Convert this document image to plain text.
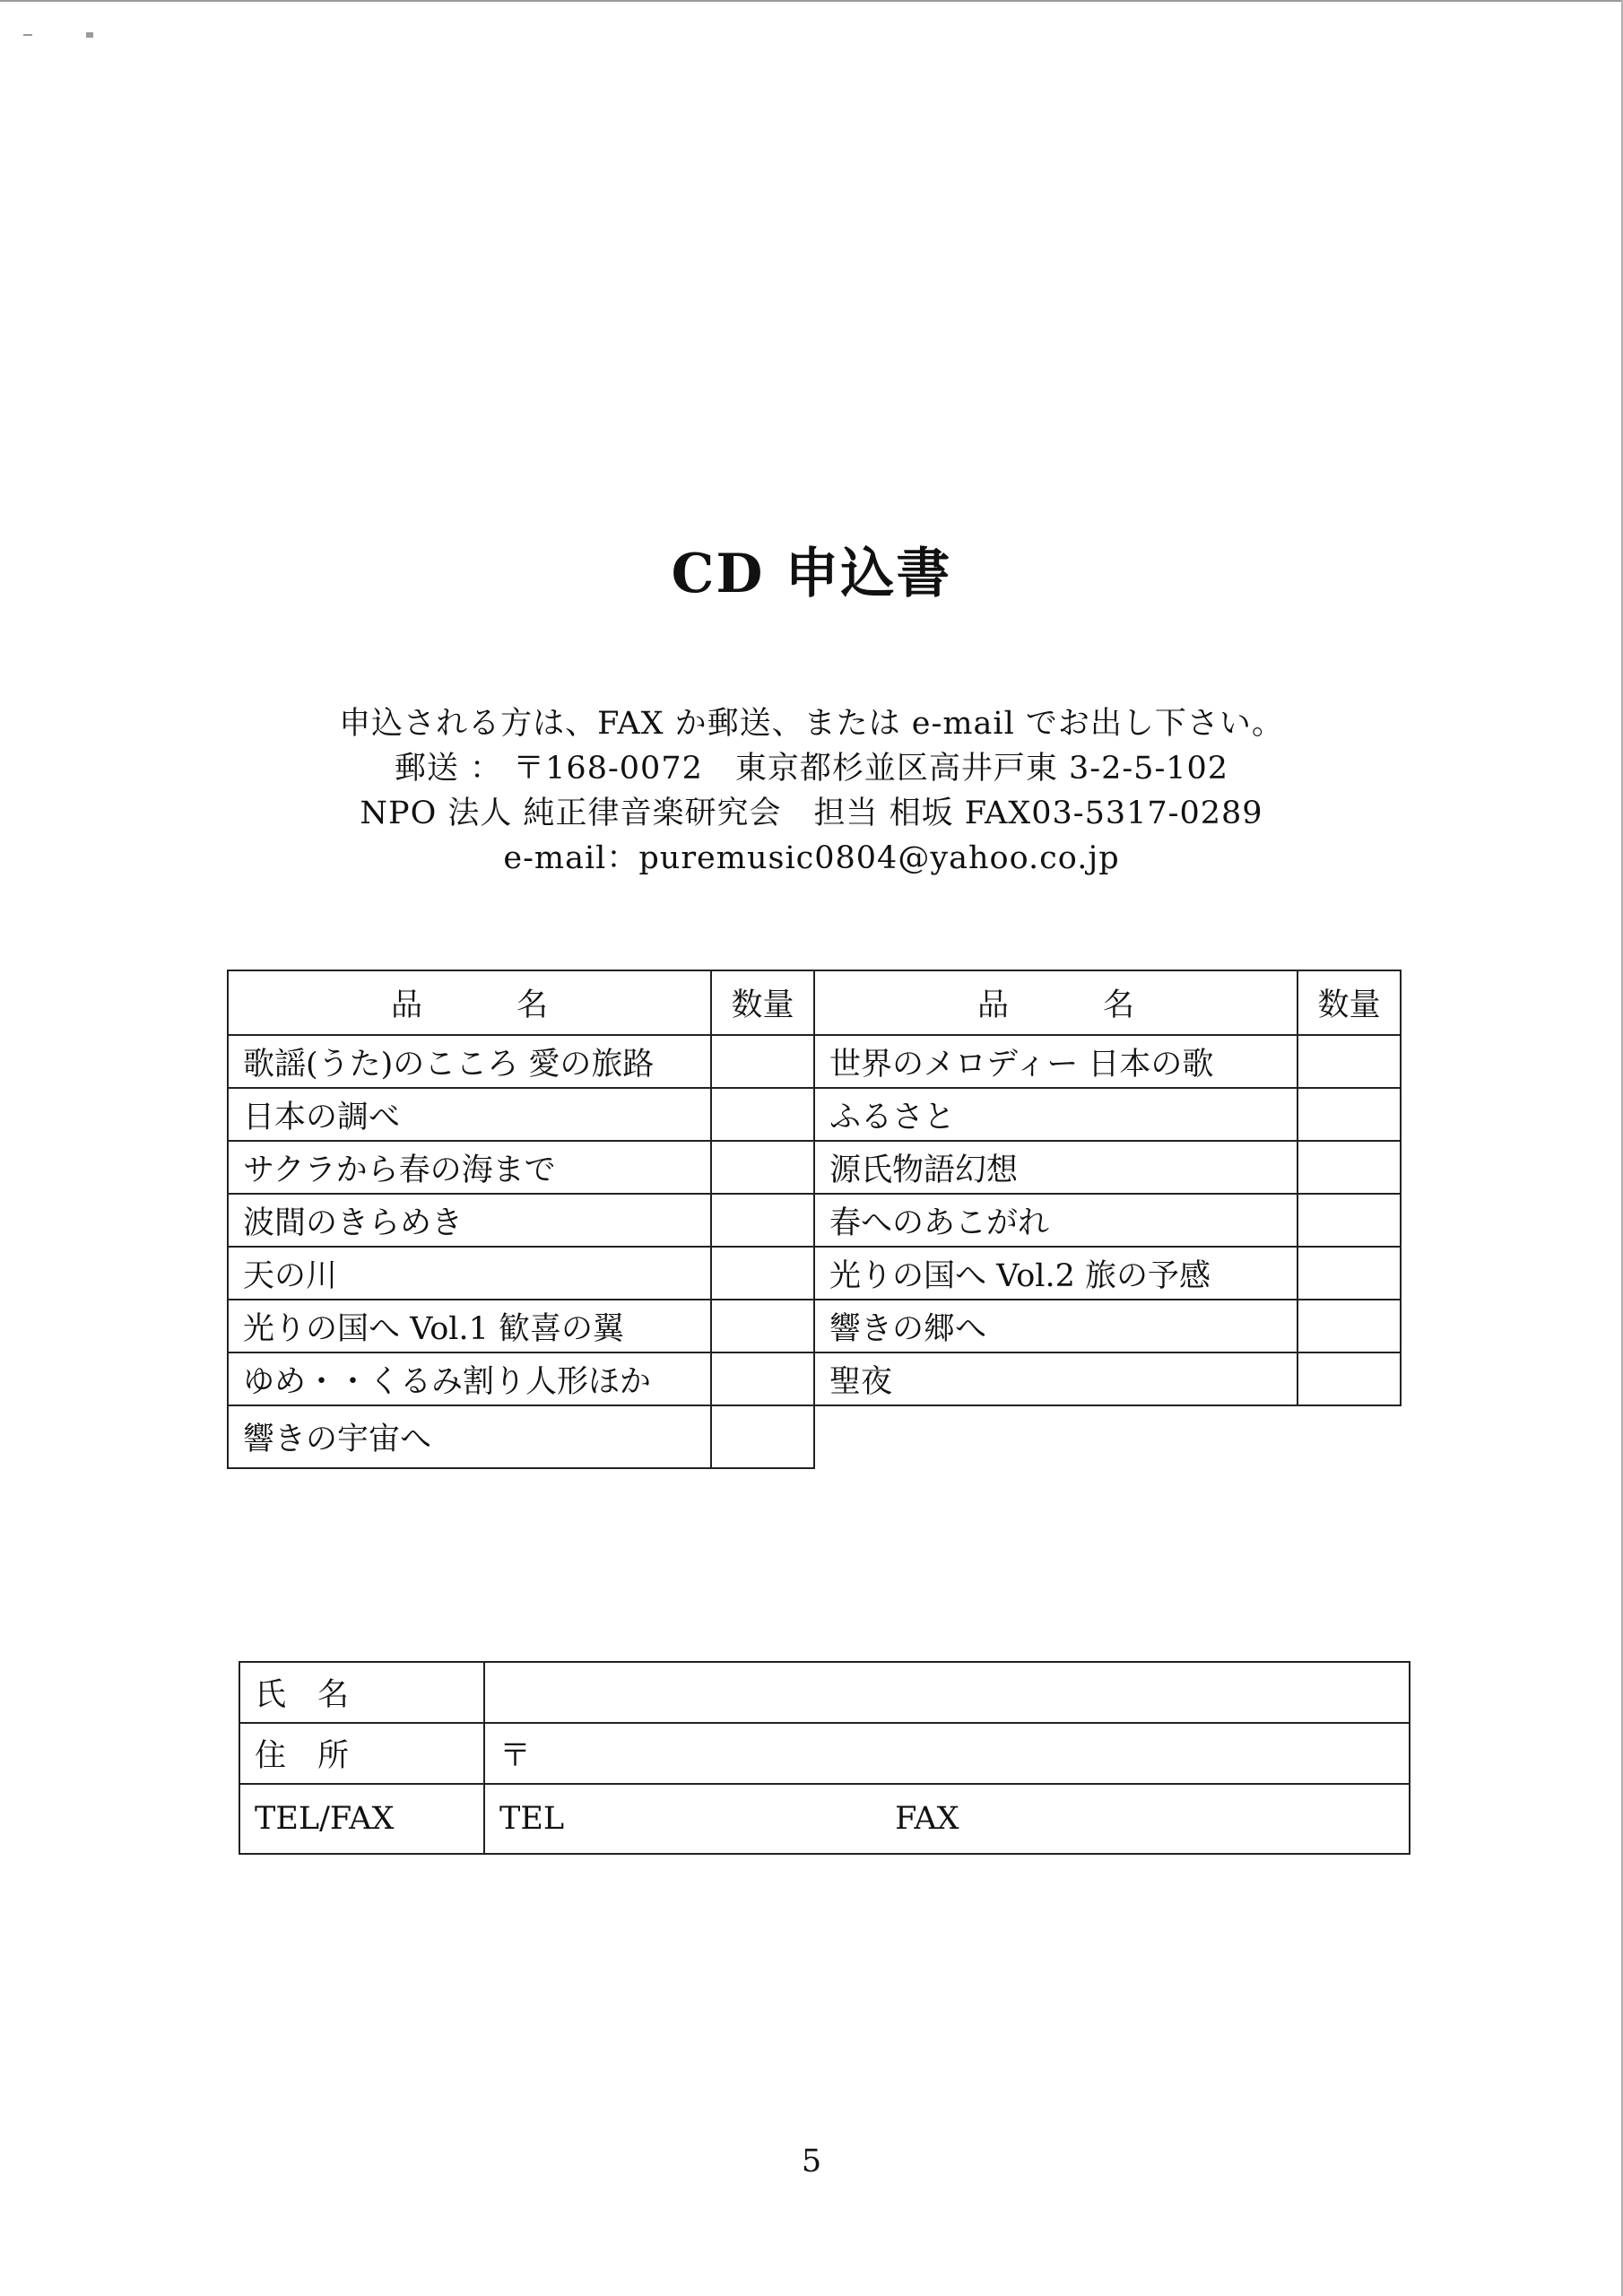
CD 申込書
申込される方は、FAX か郵送、または e-mail でお出し下さい。
郵送 ： 〒168-0072　東京都杉並区高井戸東 3-2-5-102
NPO 法人 純正律音楽研究会　担当 相坂 FAX03-5317-0289
e-mail：puremusic0804@yahoo.co.jp
品　　　名	数量	品　　　名	数量
歌謡(うた)のこころ 愛の旅路		世界のメロディー 日本の歌	
日本の調べ		ふるさと	
サクラから春の海まで		源氏物語幻想	
波間のきらめき		春へのあこがれ	
天の川		光りの国へ Vol.2 旅の予感	
光りの国へ Vol.1 歓喜の翼		響きの郷へ	
ゆめ・・くるみ割り人形ほか		聖夜	
響きの宇宙へ			
氏　名	
住　所	〒
TEL/FAX	TEL FAX
5
